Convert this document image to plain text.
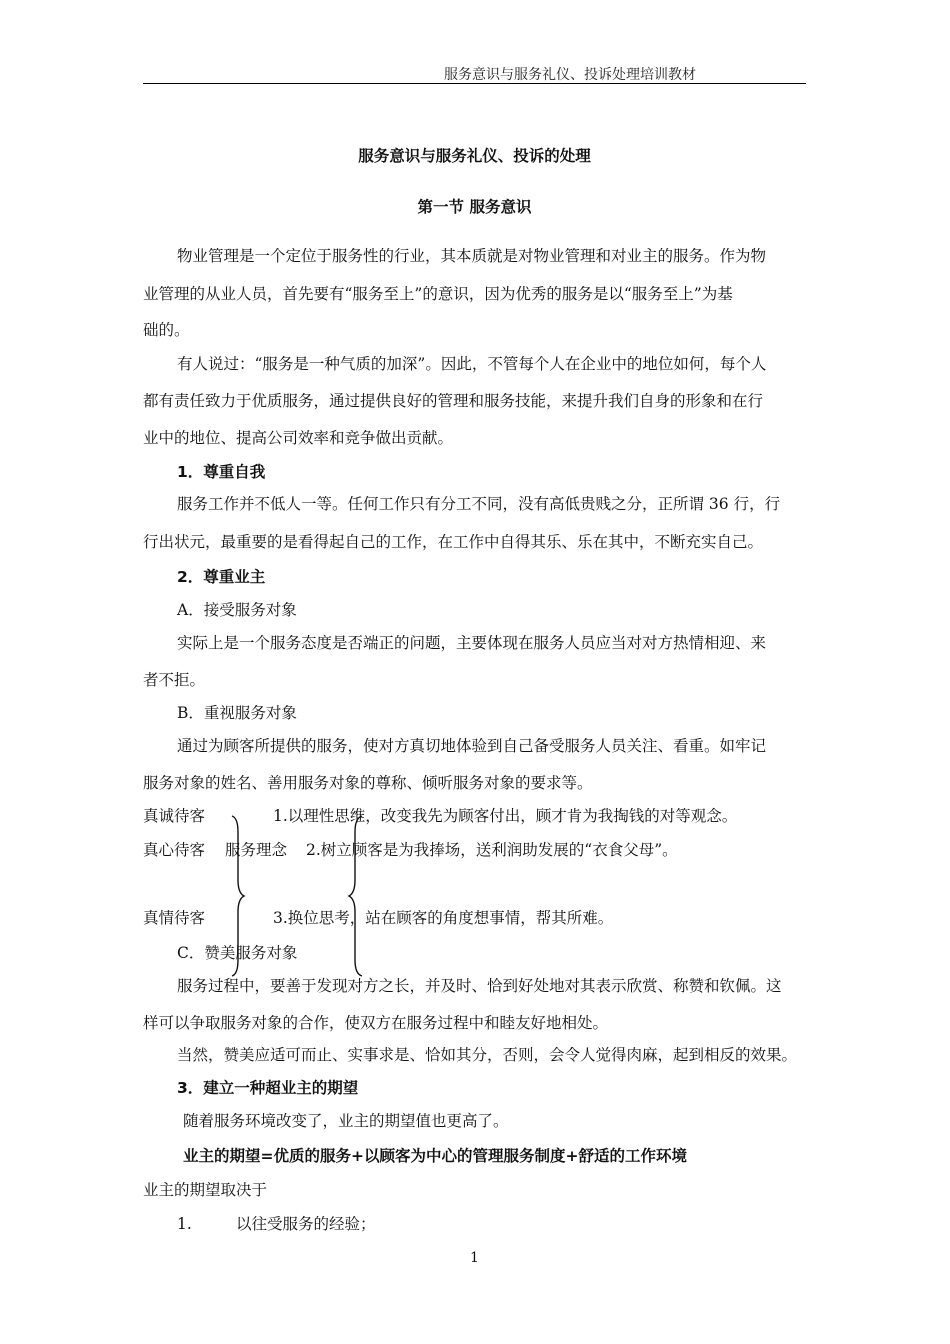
服务意识与服务礼仪、投诉处理培训教材
服务意识与服务礼仪、投诉的处理
第一节 服务意识
物业管理是一个定位于服务性的行业，其本质就是对物业管理和对业主的服务。作为物
业管理的从业人员，首先要有“服务至上”的意识，因为优秀的服务是以“服务至上”为基
础的。
有人说过：“服务是一种气质的加深”。因此，不管每个人在企业中的地位如何，每个人
都有责任致力于优质服务，通过提供良好的管理和服务技能，来提升我们自身的形象和在行
业中的地位、提高公司效率和竞争做出贡献。
1．尊重自我
服务工作并不低人一等。任何工作只有分工不同，没有高低贵贱之分，正所谓 36 行，行
行出状元，最重要的是看得起自己的工作，在工作中自得其乐、乐在其中，不断充实自己。
2．尊重业主
A．接受服务对象
实际上是一个服务态度是否端正的问题，主要体现在服务人员应当对对方热情相迎、来
者不拒。
B．重视服务对象
通过为顾客所提供的服务，使对方真切地体验到自己备受服务人员关注、看重。如牢记
服务对象的姓名、善用服务对象的尊称、倾听服务对象的要求等。
真诚待客	1.以理性思维，改变我先为顾客付出，顾才肯为我掏钱的对等观念。
真心待客 服务理念 2.树立顾客是为我捧场，送利润助发展的“衣食父母”。
真情待客	3.换位思考，站在顾客的角度想事情，帮其所难。
C．赞美服务对象
服务过程中，要善于发现对方之长，并及时、恰到好处地对其表示欣赏、称赞和钦佩。这
样可以争取服务对象的合作，使双方在服务过程中和睦友好地相处。
当然，赞美应适可而止、实事求是、恰如其分，否则，会令人觉得肉麻，起到相反的效果。
3．建立一种超业主的期望
随着服务环境改变了，业主的期望值也更高了。
业主的期望=优质的服务+以顾客为中心的管理服务制度+舒适的工作环境
业主的期望取决于
1.	以往受服务的经验；
1
